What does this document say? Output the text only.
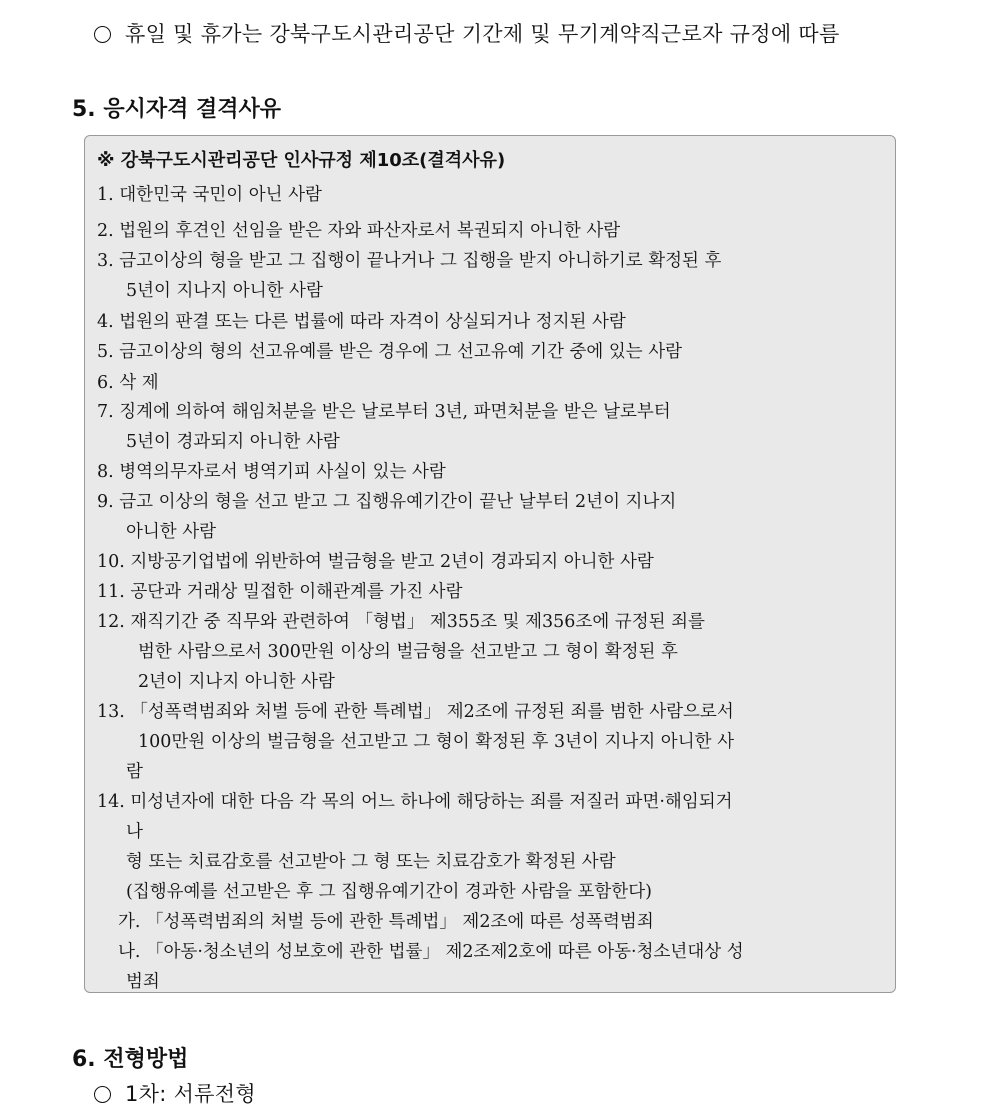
휴일 및 휴가는 강북구도시관리공단 기간제 및 무기계약직근로자 규정에 따름
5. 응시자격 결격사유
※ 강북구도시관리공단 인사규정 제10조(결격사유)
1. 대한민국 국민이 아닌 사람
2. 법원의 후견인 선임을 받은 자와 파산자로서 복권되지 아니한 사람
3. 금고이상의 형을 받고 그 집행이 끝나거나 그 집행을 받지 아니하기로 확정된 후
5년이 지나지 아니한 사람
4. 법원의 판결 또는 다른 법률에 따라 자격이 상실되거나 정지된 사람
5. 금고이상의 형의 선고유예를 받은 경우에 그 선고유예 기간 중에 있는 사람
6. 삭 제
7. 징계에 의하여 해임처분을 받은 날로부터 3년, 파면처분을 받은 날로부터
5년이 경과되지 아니한 사람
8. 병역의무자로서 병역기피 사실이 있는 사람
9. 금고 이상의 형을 선고 받고 그 집행유예기간이 끝난 날부터 2년이 지나지
아니한 사람
10. 지방공기업법에 위반하여 벌금형을 받고 2년이 경과되지 아니한 사람
11. 공단과 거래상 밀접한 이해관계를 가진 사람
12. 재직기간 중 직무와 관련하여 「형법」 제355조 및 제356조에 규정된 죄를
범한 사람으로서 300만원 이상의 벌금형을 선고받고 그 형이 확정된 후
2년이 지나지 아니한 사람
13. 「성폭력범죄와 처벌 등에 관한 특례법」 제2조에 규정된 죄를 범한 사람으로서
100만원 이상의 벌금형을 선고받고 그 형이 확정된 후 3년이 지나지 아니한 사
람
14. 미성년자에 대한 다음 각 목의 어느 하나에 해당하는 죄를 저질러 파면·해임되거
나
형 또는 치료감호를 선고받아 그 형 또는 치료감호가 확정된 사람
(집행유예를 선고받은 후 그 집행유예기간이 경과한 사람을 포함한다)
가. 「성폭력범죄의 처벌 등에 관한 특례법」 제2조에 따른 성폭력범죄
나. 「아동·청소년의 성보호에 관한 법률」 제2조제2호에 따른 아동·청소년대상 성
범죄
6. 전형방법
1차: 서류전형
